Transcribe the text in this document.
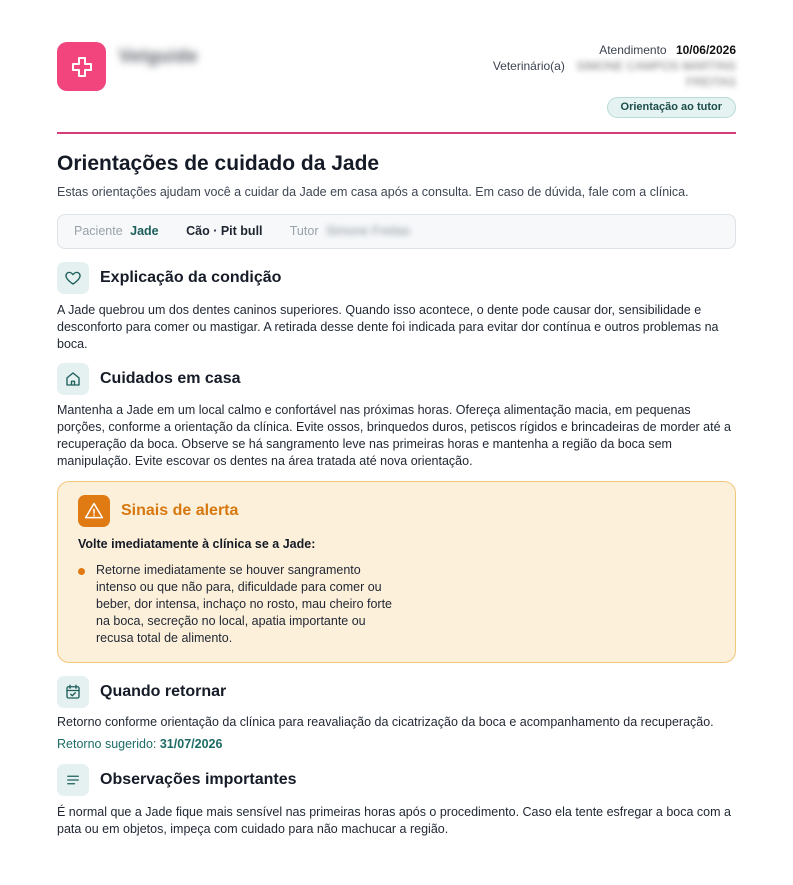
Vetguide	Atendimento 10/06/2026
Veterinário(a) SIMONE CAMPOS MARTINS
FREITAS
Orientação ao tutor
Orientações de cuidado da Jade
Estas orientações ajudam você a cuidar da Jade em casa após a consulta. Em caso de dúvida, fale com a clínica.
Paciente Jade Cão · Pit bull Tutor Simone Freitas
Explicação da condição
A Jade quebrou um dos dentes caninos superiores. Quando isso acontece, o dente pode causar dor, sensibilidade e desconforto para comer ou mastigar. A retirada desse dente foi indicada para evitar dor contínua e outros problemas na boca.
Cuidados em casa
Mantenha a Jade em um local calmo e confortável nas próximas horas. Ofereça alimentação macia, em pequenas porções, conforme a orientação da clínica. Evite ossos, brinquedos duros, petiscos rígidos e brincadeiras de morder até a recuperação da boca. Observe se há sangramento leve nas primeiras horas e mantenha a região da boca sem manipulação. Evite escovar os dentes na área tratada até nova orientação.
Sinais de alerta
Volte imediatamente à clínica se a Jade:
Retorne imediatamente se houver sangramento intenso ou que não para, dificuldade para comer ou beber, dor intensa, inchaço no rosto, mau cheiro forte na boca, secreção no local, apatia importante ou recusa total de alimento.
Quando retornar
Retorno conforme orientação da clínica para reavaliação da cicatrização da boca e acompanhamento da recuperação.
Retorno sugerido: 31/07/2026
Observações importantes
É normal que a Jade fique mais sensível nas primeiras horas após o procedimento. Caso ela tente esfregar a boca com a pata ou em objetos, impeça com cuidado para não machucar a região.
